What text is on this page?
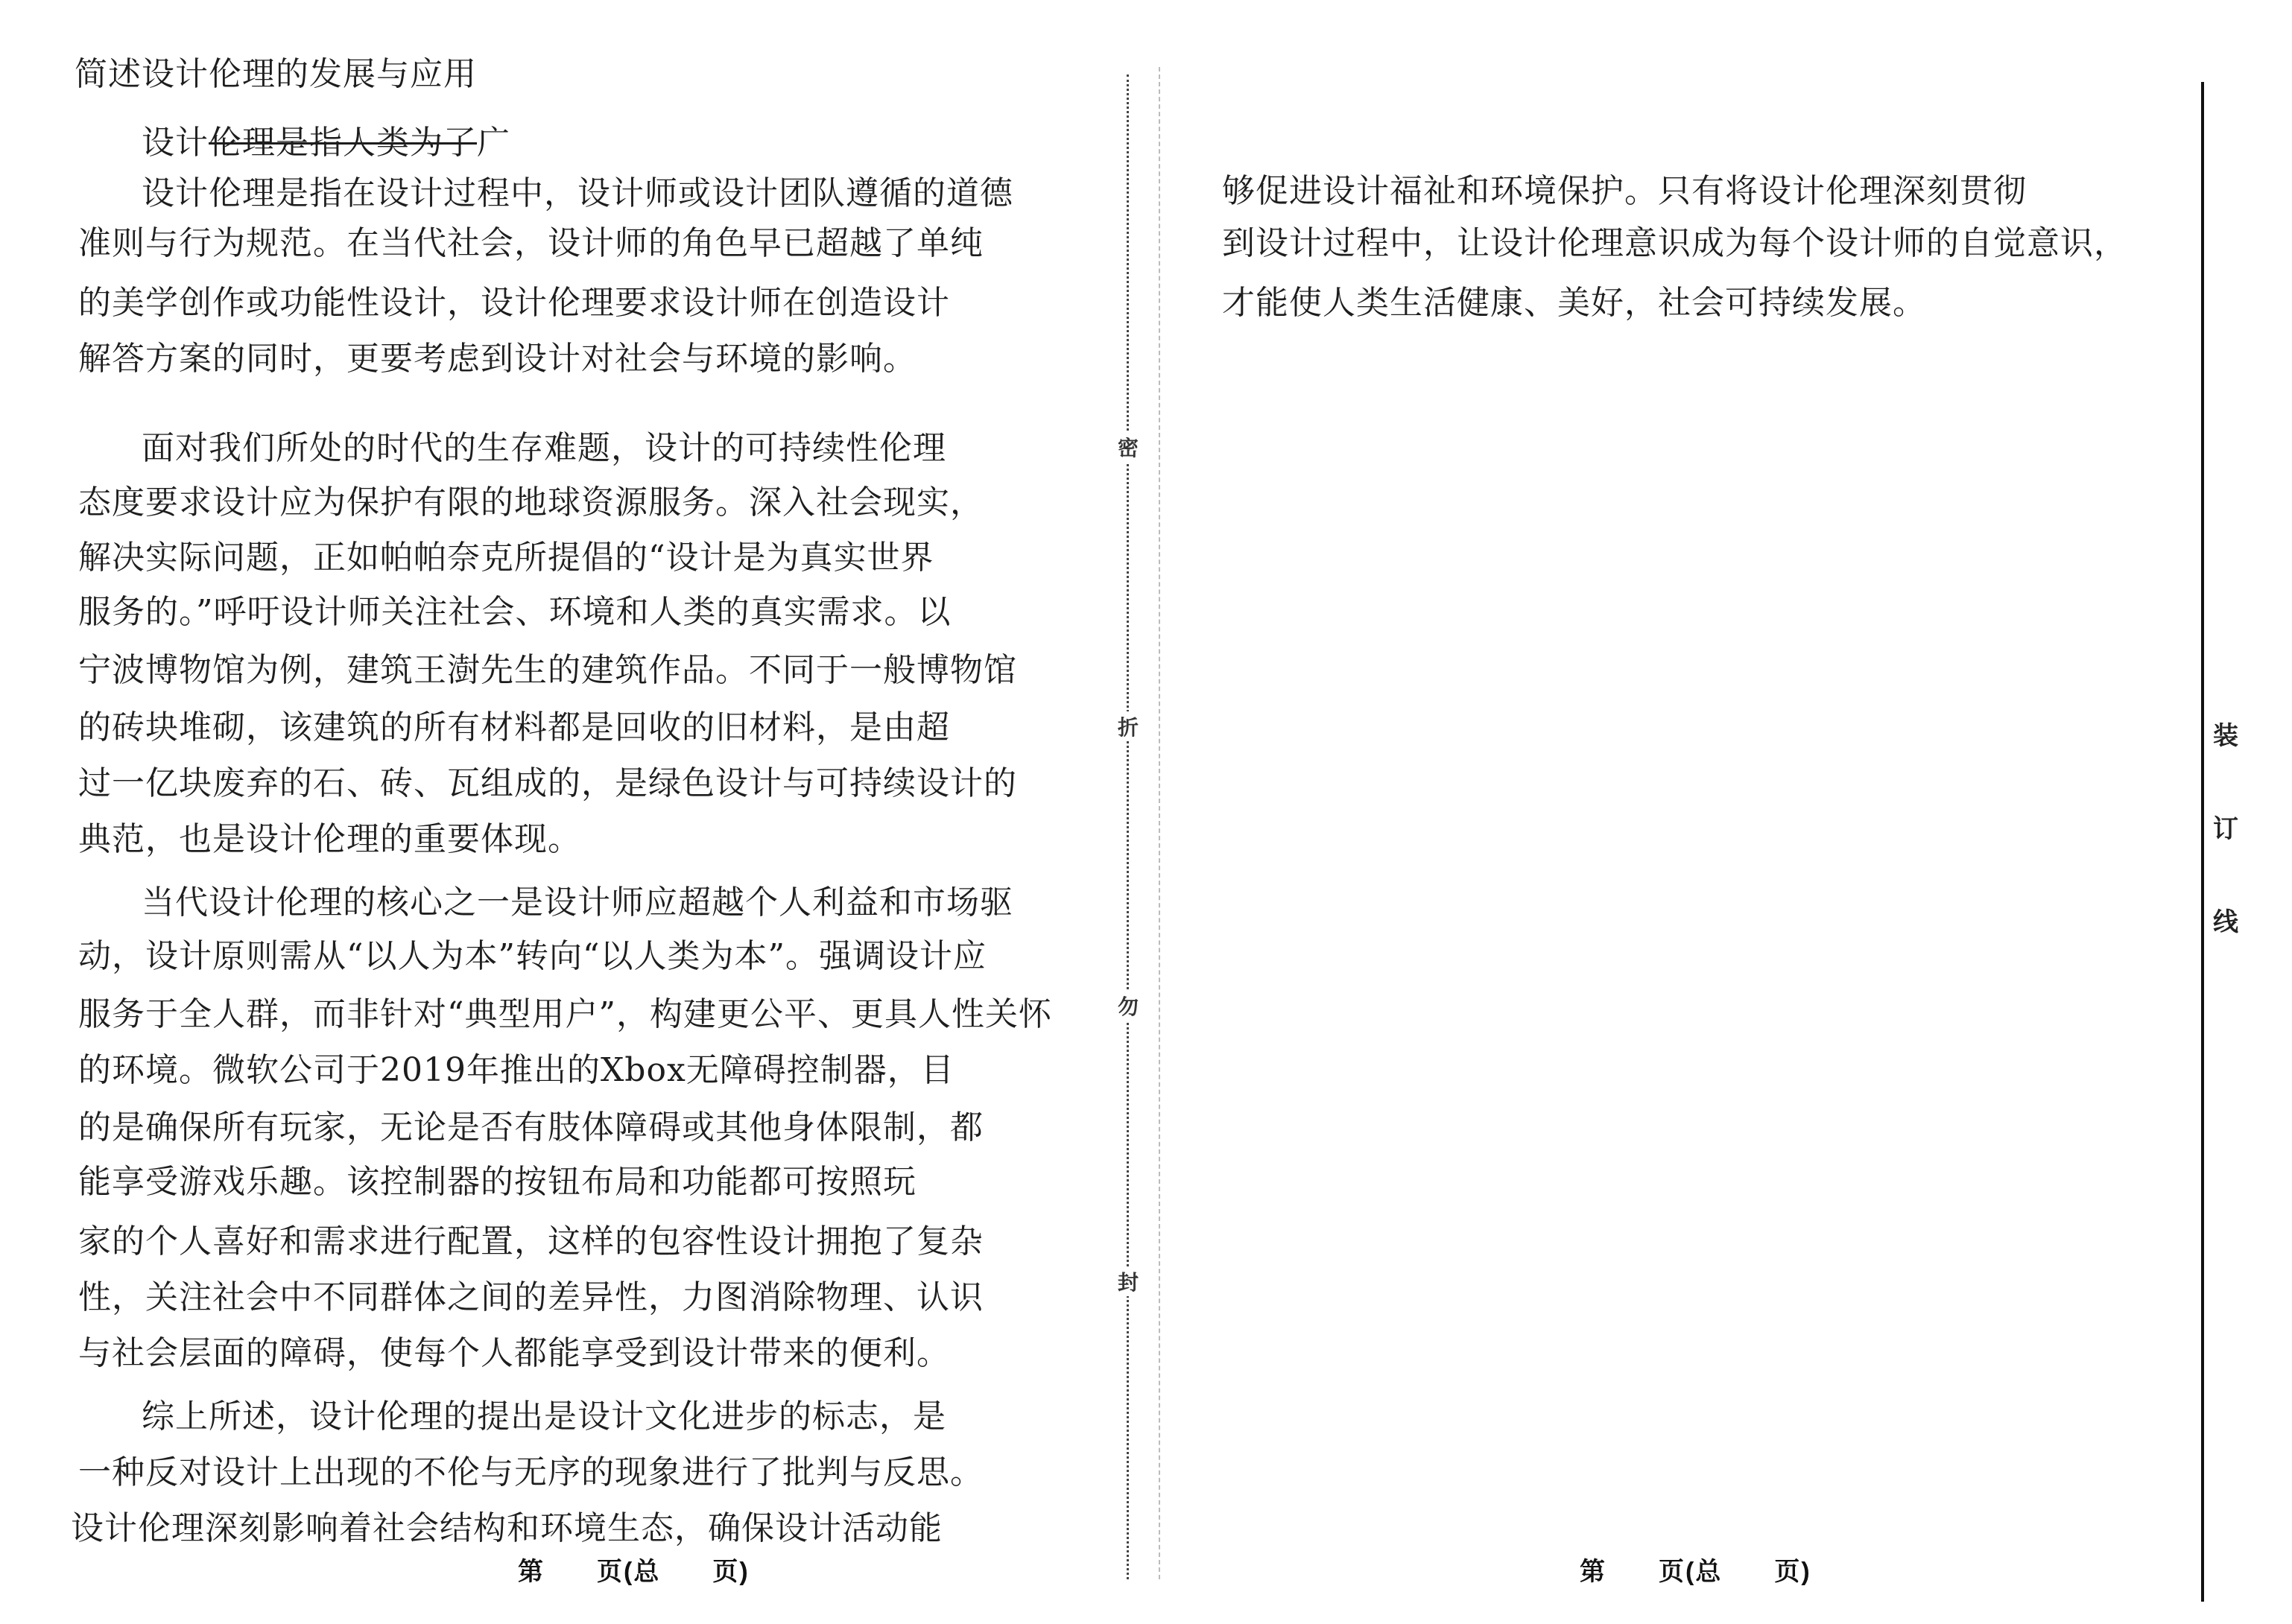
简述设计伦理的发展与应用
设计伦理是指人类为了广
设计伦理是指在设计过程中，设计师或设计团队遵循的道德
准则与行为规范。在当代社会，设计师的角色早已超越了单纯
的美学创作或功能性设计，设计伦理要求设计师在创造设计
解答方案的同时，更要考虑到设计对社会与环境的影响。
面对我们所处的时代的生存难题，设计的可持续性伦理
态度要求设计应为保护有限的地球资源服务。深入社会现实，
解决实际问题，正如帕帕奈克所提倡的“设计是为真实世界
服务的。”呼吁设计师关注社会、环境和人类的真实需求。以
宁波博物馆为例，建筑王澍先生的建筑作品。不同于一般博物馆
的砖块堆砌，该建筑的所有材料都是回收的旧材料，是由超
过一亿块废弃的石、砖、瓦组成的，是绿色设计与可持续设计的
典范，也是设计伦理的重要体现。
当代设计伦理的核心之一是设计师应超越个人利益和市场驱
动，设计原则需从“以人为本”转向“以人类为本”。强调设计应
服务于全人群，而非针对“典型用户”，构建更公平、更具人性关怀
的环境。微软公司于2019年推出的Xbox无障碍控制器，目
的是确保所有玩家，无论是否有肢体障碍或其他身体限制，都
能享受游戏乐趣。该控制器的按钮布局和功能都可按照玩
家的个人喜好和需求进行配置，这样的包容性设计拥抱了复杂
性，关注社会中不同群体之间的差异性，力图消除物理、认识
与社会层面的障碍，使每个人都能享受到设计带来的便利。
综上所述，设计伦理的提出是设计文化进步的标志，是
一种反对设计上出现的不伦与无序的现象进行了批判与反思。
设计伦理深刻影响着社会结构和环境生态，确保设计活动能
第 页(总 页)
密
折
勿
封
够促进设计福祉和环境保护。只有将设计伦理深刻贯彻
到设计过程中，让设计伦理意识成为每个设计师的自觉意识，
才能使人类生活健康、美好，社会可持续发展。
第 页(总 页)
装
订
线
